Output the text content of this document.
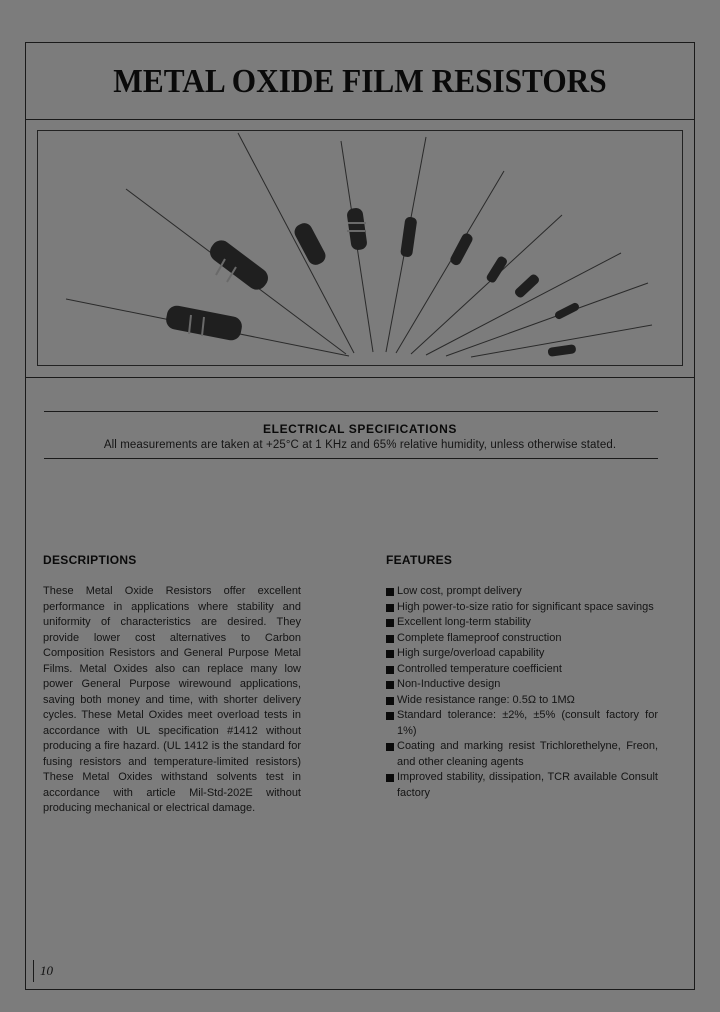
METAL OXIDE FILM RESISTORS
ELECTRICAL SPECIFICATIONS
All measurements are taken at +25°C at 1 KHz and 65% relative humidity, unless otherwise stated.
DESCRIPTIONS
These Metal Oxide Resistors offer excellent performance in applications where stability and uniformity of characteristics are desired. They provide lower cost alternatives to Carbon Composition Resistors and General Purpose Metal Films. Metal Oxides also can replace many low power General Purpose wirewound applications, saving both money and time, with shorter delivery cycles. These Metal Oxides meet overload tests in accordance with UL specification #1412 without producing a fire hazard. (UL 1412 is the standard for fusing resistors and temperature-limited resistors) These Metal Oxides withstand solvents test in accordance with article Mil-Std-202E without producing mechanical or electrical damage.
FEATURES
Low cost, prompt delivery
High power-to-size ratio for significant space savings
Excellent long-term stability
Complete flameproof construction
High surge/overload capability
Controlled temperature coefficient
Non-Inductive design
Wide resistance range: 0.5Ω to 1MΩ
Standard tolerance: ±2%, ±5% (consult factory for 1%)
Coating and marking resist Trichlorethelyne, Freon, and other cleaning agents
Improved stability, dissipation, TCR available Consult factory
10
